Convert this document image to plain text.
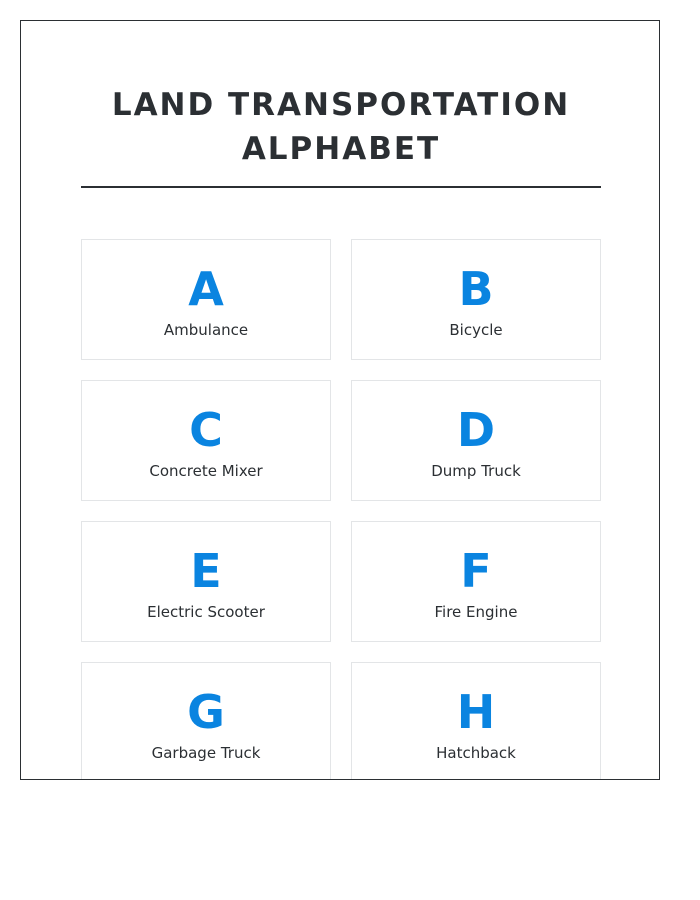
LAND TRANSPORTATION ALPHABET
A
Ambulance
B
Bicycle
C
Concrete Mixer
D
Dump Truck
E
Electric Scooter
F
Fire Engine
G
Garbage Truck
H
Hatchback
